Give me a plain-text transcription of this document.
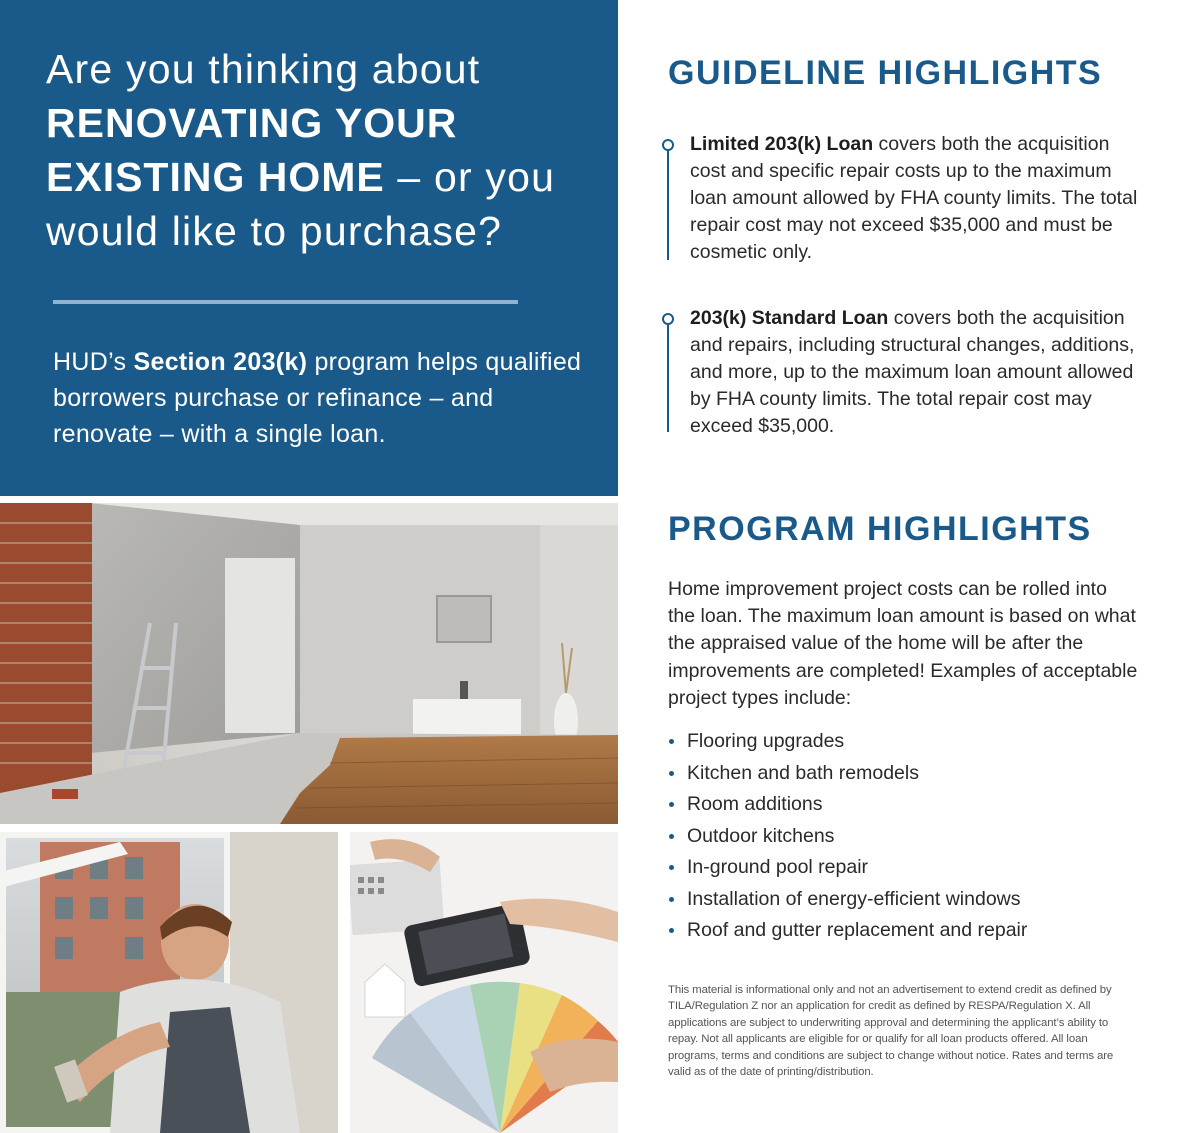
Are you thinking about
RENOVATING YOUR
EXISTING HOME – or you
would like to purchase?

HUD’s Section 203(k) program helps qualified borrowers purchase or refinance – and renovate – with a single loan.

GUIDELINE HIGHLIGHTS

Limited 203(k) Loan covers both the acquisition cost and specific repair costs up to the maximum loan amount allowed by FHA county limits. The total repair cost may not exceed $35,000 and must be cosmetic only.

203(k) Standard Loan covers both the acquisition and repairs, including structural changes, additions, and more, up to the maximum loan amount allowed by FHA county limits. The total repair cost may exceed $35,000.

PROGRAM HIGHLIGHTS

Home improvement project costs can be rolled into the loan. The maximum loan amount is based on what the appraised value of the home will be after the improvements are completed! Examples of acceptable project types include:

Flooring upgrades
Kitchen and bath remodels
Room additions
Outdoor kitchens
In-ground pool repair
Installation of energy-efficient windows
Roof and gutter replacement and repair

This material is informational only and not an advertisement to extend credit as defined by TILA/Regulation Z nor an application for credit as defined by RESPA/Regulation X. All applications are subject to underwriting approval and determining the applicant’s ability to repay. Not all applicants are eligible for or qualify for all loan products offered. All loan programs, terms and conditions are subject to change without notice. Rates and terms are valid as of the date of printing/distribution.
